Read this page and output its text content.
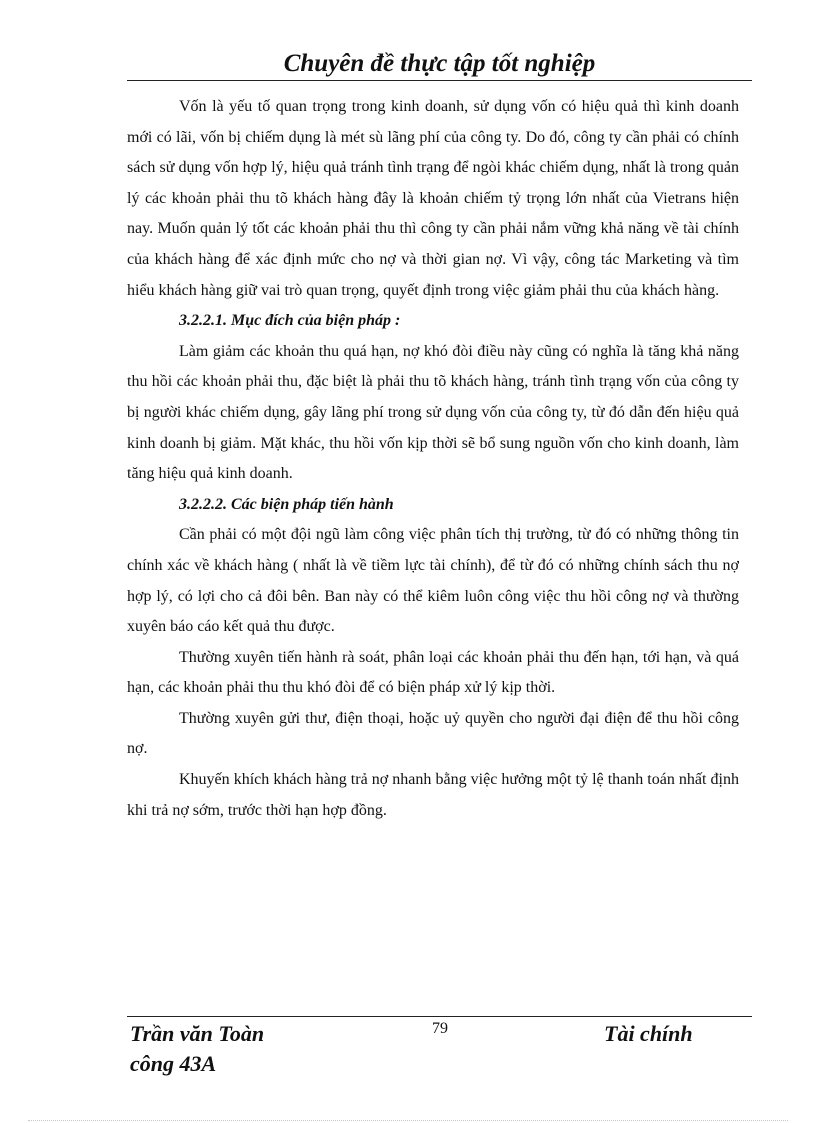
Chuyên đề thực tập tốt nghiệp

Vốn là yếu tố quan trọng trong kinh doanh, sử dụng vốn có hiệu quả thì kinh doanh mới có lãi, vốn bị chiếm dụng là mét sù lãng phí của công ty. Do đó, công ty cần phải có chính sách sử dụng vốn hợp lý, hiệu quả tránh tình trạng để ngòi khác chiếm dụng, nhất là trong quản lý các khoản phải thu tõ khách hàng đây là khoản chiếm tỷ trọng lớn nhất của Vietrans hiện nay. Muốn quản lý tốt các khoản phải thu thì công ty cần phải nắm vững khả năng về tài chính của khách hàng để xác định mức cho nợ và thời gian nợ. Vì vậy, công tác Marketing và tìm hiểu khách hàng giữ vai trò quan trọng, quyết định trong việc giảm phải thu của khách hàng.

3.2.2.1. Mục đích của biện pháp :

Làm giảm các khoản thu quá hạn, nợ khó đòi điều này cũng có nghĩa là tăng khả năng thu hồi các khoản phải thu, đặc biệt là phải thu tõ khách hàng, tránh tình trạng vốn của công ty bị người khác chiếm dụng, gây lãng phí trong sử dụng vốn của công ty, từ đó dẫn đến hiệu quả kinh doanh bị giảm. Mặt khác, thu hồi vốn kịp thời sẽ bổ sung nguồn vốn cho kinh doanh, làm tăng hiệu quả kinh doanh.

3.2.2.2. Các biện pháp tiến hành

Cần phải có một đội ngũ làm công việc phân tích thị trường, từ đó có những thông tin chính xác về khách hàng ( nhất là về tiềm lực tài chính), để từ đó có những chính sách thu nợ hợp lý, có lợi cho cả đôi bên. Ban này có thể kiêm luôn công việc thu hồi công nợ và thường xuyên báo cáo kết quả thu được.

Thường xuyên tiến hành rà soát, phân loại các khoản phải thu đến hạn, tới hạn, và quá hạn, các khoản phải thu thu khó đòi để có biện pháp xử lý kịp thời.

Thường xuyên gửi thư, điện thoại, hoặc uỷ quyền cho người đại điện để thu hồi công nợ.

Khuyến khích khách hàng trả nợ nhanh bằng việc hưởng một tỷ lệ thanh toán nhất định khi trả nợ sớm, trước thời hạn hợp đồng.

Trần văn Toàn
công 43A
79	Tài chính
